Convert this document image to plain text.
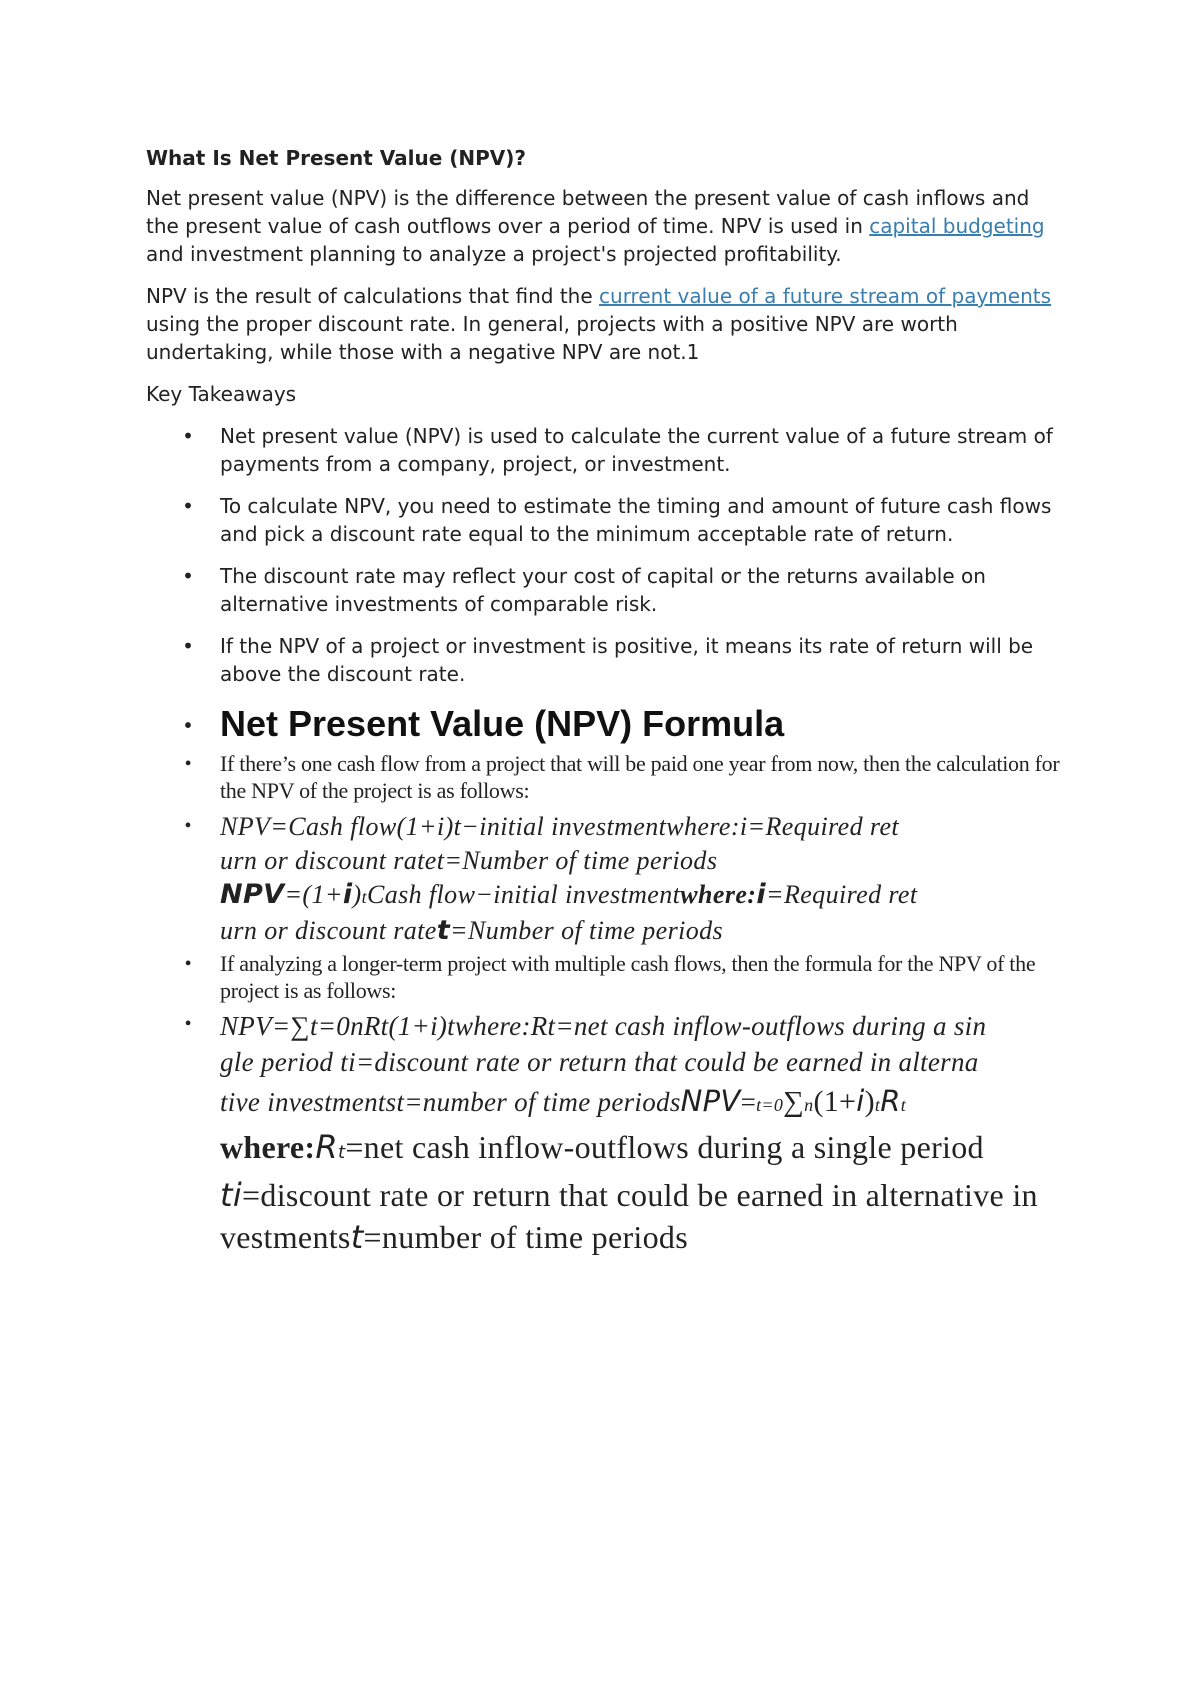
What Is Net Present Value (NPV)?

Net present value (NPV) is the difference between the present value of cash inflows and the present value of cash outflows over a period of time. NPV is used in capital budgeting and investment planning to analyze a project's projected profitability.

NPV is the result of calculations that find the current value of a future stream of payments using the proper discount rate. In general, projects with a positive NPV are worth undertaking, while those with a negative NPV are not.1

Key Takeaways

• Net present value (NPV) is used to calculate the current value of a future stream of payments from a company, project, or investment.
• To calculate NPV, you need to estimate the timing and amount of future cash flows and pick a discount rate equal to the minimum acceptable rate of return.
• The discount rate may reflect your cost of capital or the returns available on alternative investments of comparable risk.
• If the NPV of a project or investment is positive, it means its rate of return will be above the discount rate.
• Net Present Value (NPV) Formula
• If there’s one cash flow from a project that will be paid one year from now, then the calculation for the NPV of the project is as follows:
• NPV=Cash flow(1+i)t−initial investmentwhere:i=Required ret
urn or discount ratet=Number of time periods
NPV=(1+i)tCash flow−initial investmentwhere:i=Required ret
urn or discount ratet=Number of time periods
• If analyzing a longer-term project with multiple cash flows, then the formula for the NPV of the project is as follows:
• NPV=∑t=0nRt(1+i)twhere:Rt=net cash inflow-outflows during a sin
gle period ti=discount rate or return that could be earned in alterna
tive investmentst=number of time periodsNPV=t=0∑n(1+i)tRt
where:Rt=net cash inflow-outflows during a single period
ti=discount rate or return that could be earned in alternative in
vestmentst=number of time periods
